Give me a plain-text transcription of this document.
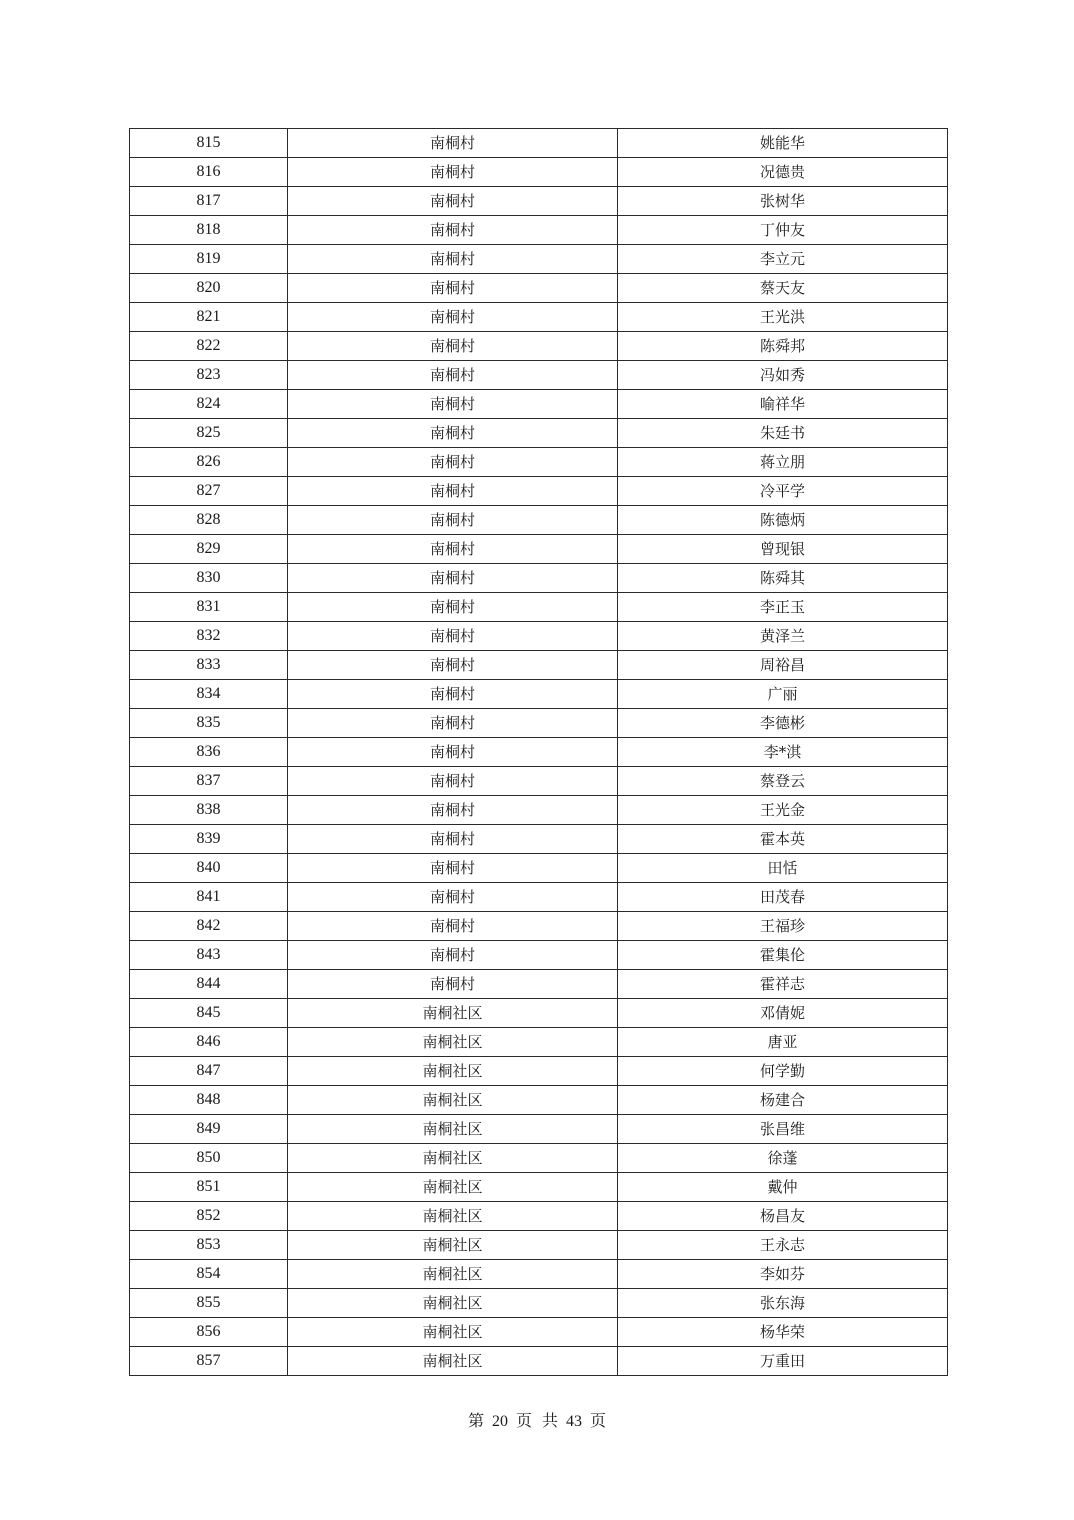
815	南桐村	姚能华
816	南桐村	况德贵
817	南桐村	张树华
818	南桐村	丁仲友
819	南桐村	李立元
820	南桐村	蔡天友
821	南桐村	王光洪
822	南桐村	陈舜邦
823	南桐村	冯如秀
824	南桐村	喻祥华
825	南桐村	朱廷书
826	南桐村	蒋立朋
827	南桐村	冷平学
828	南桐村	陈德炳
829	南桐村	曾现银
830	南桐村	陈舜其
831	南桐村	李正玉
832	南桐村	黄泽兰
833	南桐村	周裕昌
834	南桐村	广丽
835	南桐村	李德彬
836	南桐村	李*淇
837	南桐村	蔡登云
838	南桐村	王光金
839	南桐村	霍本英
840	南桐村	田恬
841	南桐村	田茂春
842	南桐村	王福珍
843	南桐村	霍集伦
844	南桐村	霍祥志
845	南桐社区	邓倩妮
846	南桐社区	唐亚
847	南桐社区	何学勤
848	南桐社区	杨建合
849	南桐社区	张昌维
850	南桐社区	徐蓬
851	南桐社区	戴仲
852	南桐社区	杨昌友
853	南桐社区	王永志
854	南桐社区	李如芬
855	南桐社区	张东海
856	南桐社区	杨华荣
857	南桐社区	万重田
第 20 页 共 43 页
